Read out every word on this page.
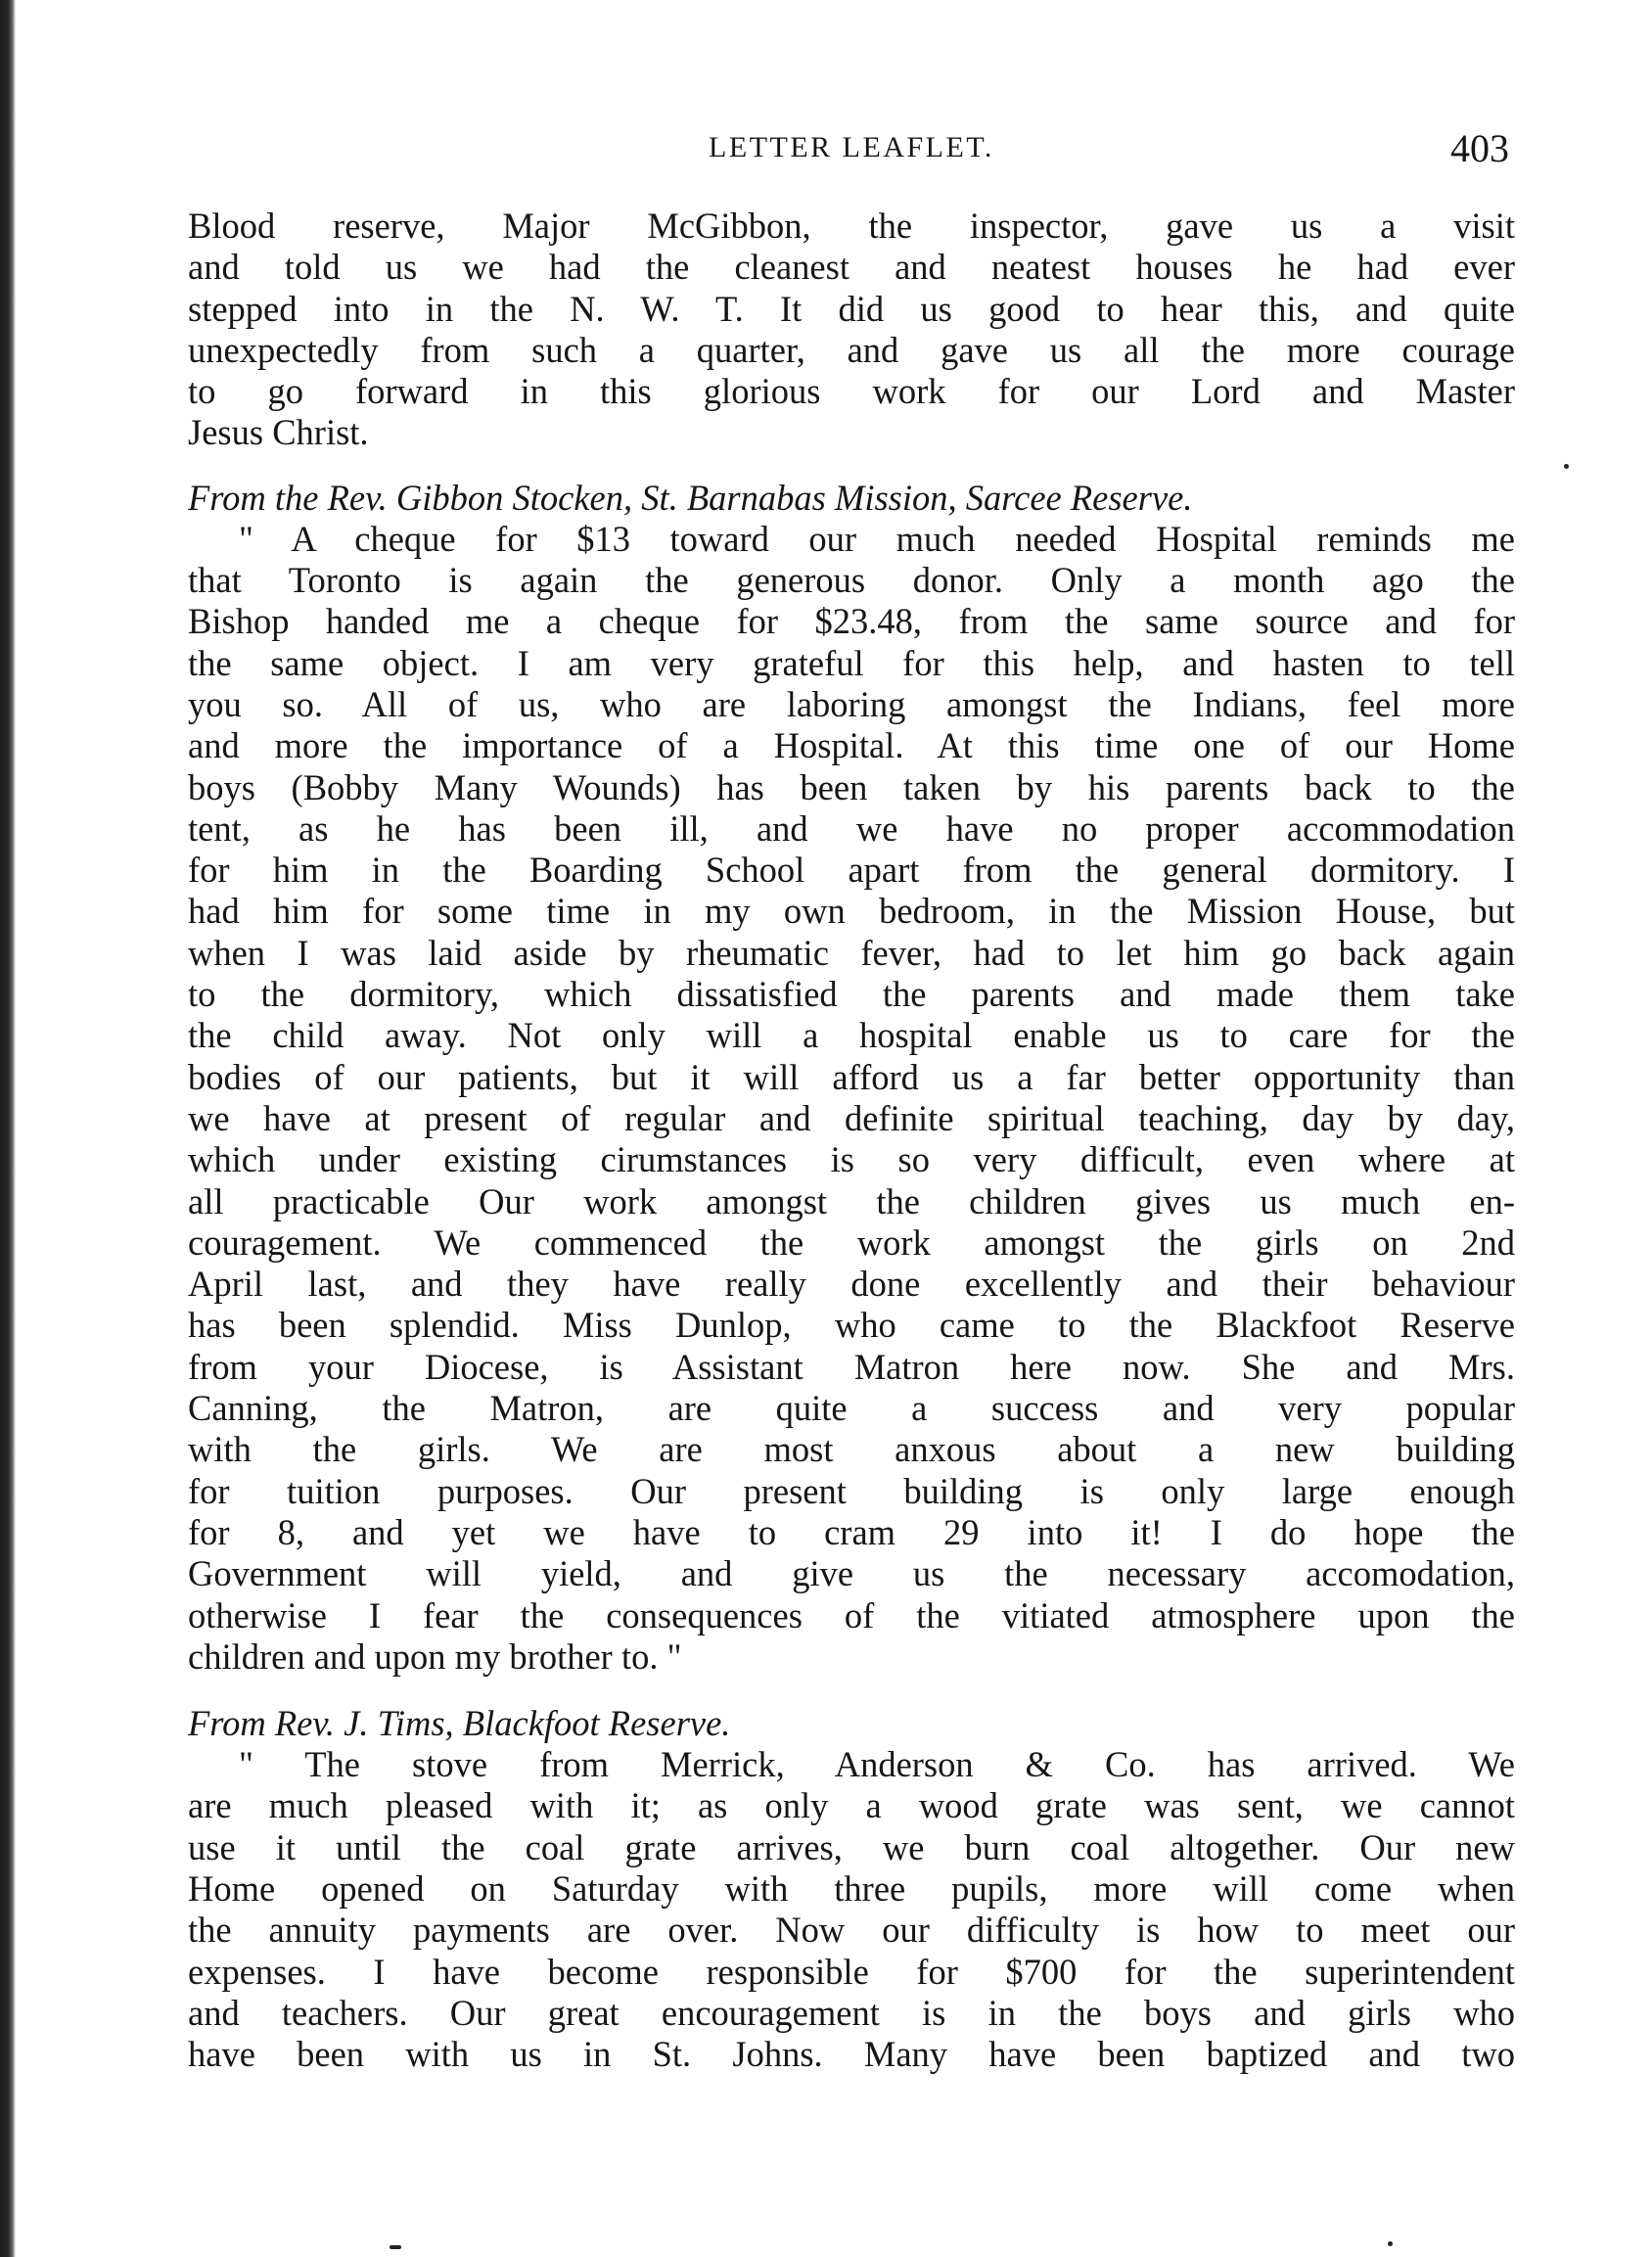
LETTER LEAFLET.	403
Blood reserve, Major McGibbon, the inspector, gave us a visit
and told us we had the cleanest and neatest houses he had ever
stepped into in the N. W. T. It did us good to hear this, and quite
unexpectedly from such a quarter, and gave us all the more courage
to go forward in this glorious work for our Lord and Master
Jesus Christ.
From the Rev. Gibbon Stocken, St. Barnabas Mission, Sarcee Reserve.
" A cheque for $13 toward our much needed Hospital reminds me
that Toronto is again the generous donor. Only a month ago the
Bishop handed me a cheque for $23.48, from the same source and for
the same object. I am very grateful for this help, and hasten to tell
you so. All of us, who are laboring amongst the Indians, feel more
and more the importance of a Hospital. At this time one of our Home
boys (Bobby Many Wounds) has been taken by his parents back to the
tent, as he has been ill, and we have no proper accommodation
for him in the Boarding School apart from the general dormitory. I
had him for some time in my own bedroom, in the Mission House, but
when I was laid aside by rheumatic fever, had to let him go back again
to the dormitory, which dissatisfied the parents and made them take
the child away. Not only will a hospital enable us to care for the
bodies of our patients, but it will afford us a far better opportunity than
we have at present of regular and definite spiritual teaching, day by day,
which under existing cirumstances is so very difficult, even where at
all practicable Our work amongst the children gives us much en-
couragement. We commenced the work amongst the girls on 2nd
April last, and they have really done excellently and their behaviour
has been splendid. Miss Dunlop, who came to the Blackfoot Reserve
from your Diocese, is Assistant Matron here now. She and Mrs.
Canning, the Matron, are quite a success and very popular
with the girls. We are most anxous about a new building
for tuition purposes. Our present building is only large enough
for 8, and yet we have to cram 29 into it! I do hope the
Government will yield, and give us the necessary accomodation,
otherwise I fear the consequences of the vitiated atmosphere upon the
children and upon my brother to. "
From Rev. J. Tims, Blackfoot Reserve.
" The stove from Merrick, Anderson & Co. has arrived. We
are much pleased with it; as only a wood grate was sent, we cannot
use it until the coal grate arrives, we burn coal altogether. Our new
Home opened on Saturday with three pupils, more will come when
the annuity payments are over. Now our difficulty is how to meet our
expenses. I have become responsible for $700 for the superintendent
and teachers. Our great encouragement is in the boys and girls who
have been with us in St. Johns. Many have been baptized and two
